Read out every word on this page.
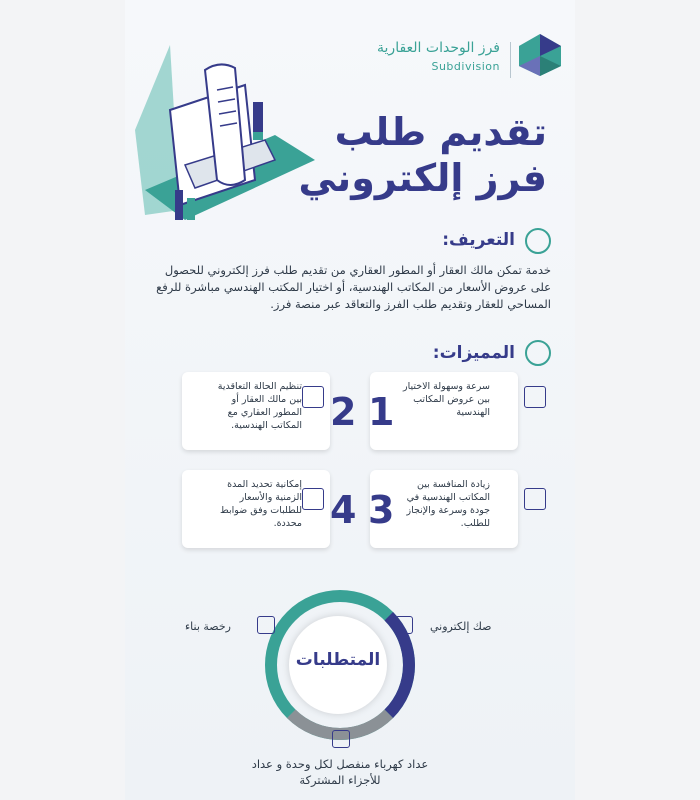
فرز الوحدات العقارية
Subdivision
تقديم طلب
فرز إلكتروني
التعريف:
خدمة تمكن مالك العقار أو المطور العقاري من تقديم طلب فرز إلكتروني للحصول على عروض الأسعار من المكاتب الهندسية، أو اختيار المكتب الهندسي مباشرة للرفع المساحي للعقار وتقديم طلب الفرز والتعاقد عبر منصة فرز.
المميزات:
1
سرعة وسهولة الاختيار بين عروض المكاتب الهندسية
2
تنظيم الحالة التعاقدية بين مالك العقار أو المطور العقاري مع المكاتب الهندسية.
3
زيادة المنافسة بين المكاتب الهندسية في جودة وسرعة والإنجاز للطلب.
4
إمكانية تحديد المدة الزمنية والأسعار للطلبات وفق ضوابط محددة.
المتطلبات
صك إلكتروني
رخصة بناء
عداد كهرباء منفصل لكل وحدة و عداد للأجزاء المشتركة
